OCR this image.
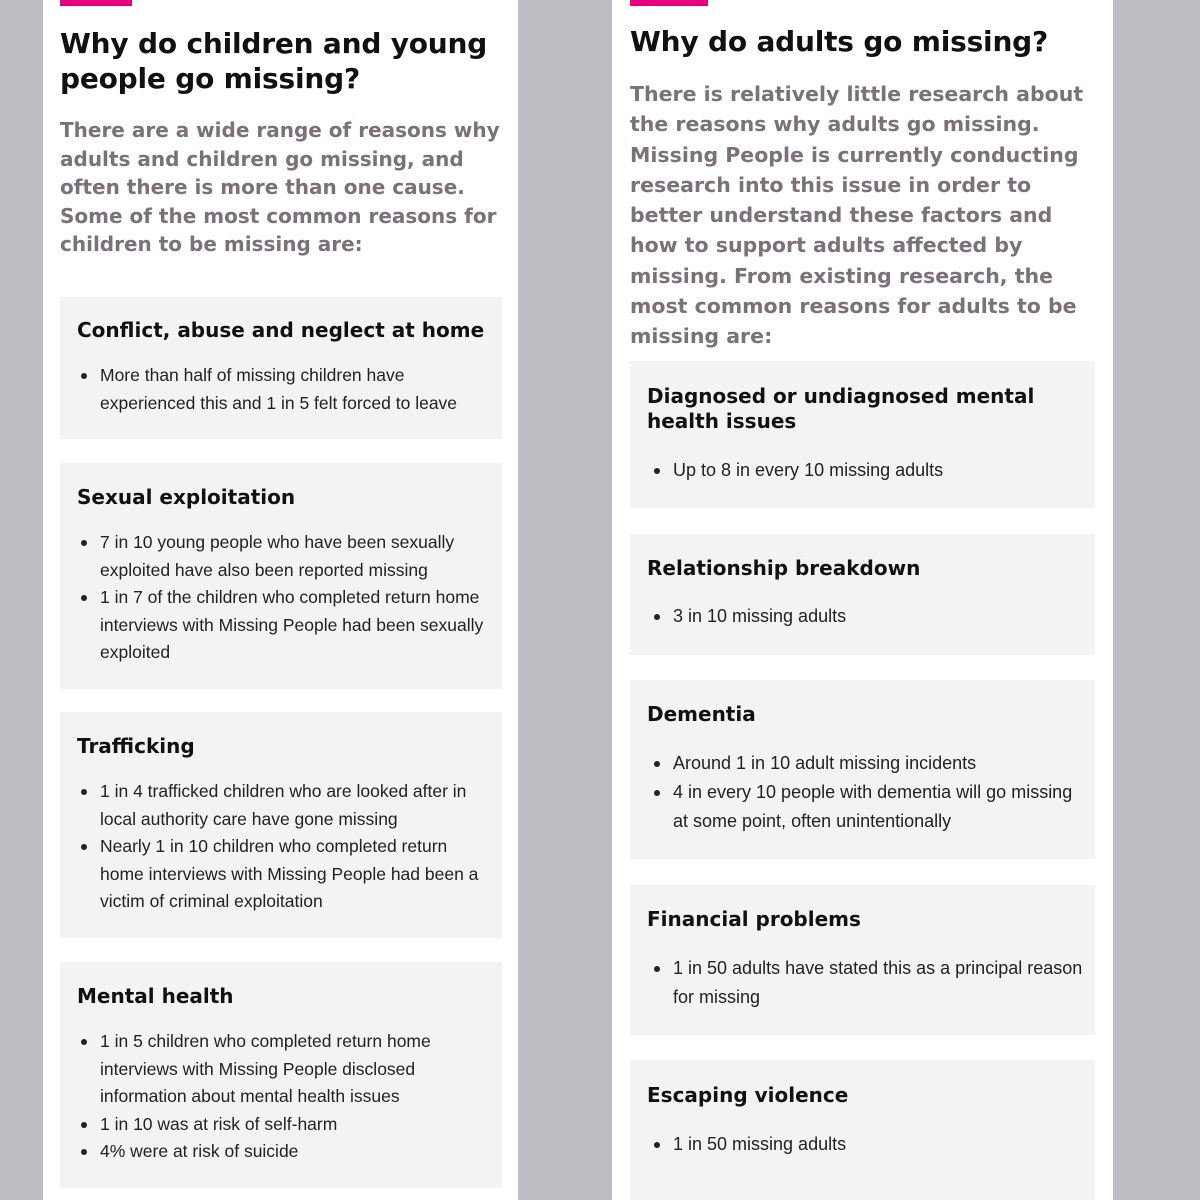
Why do children and young people go missing?

There are a wide range of reasons why adults and children go missing, and often there is more than one cause. Some of the most common reasons for children to be missing are:

Conflict, abuse and neglect at home
More than half of missing children have experienced this and 1 in 5 felt forced to leave
Sexual exploitation
7 in 10 young people who have been sexually exploited have also been reported missing
1 in 7 of the children who completed return home interviews with Missing People had been sexually exploited
Trafficking
1 in 4 trafficked children who are looked after in local authority care have gone missing
Nearly 1 in 10 children who completed return home interviews with Missing People had been a victim of criminal exploitation
Mental health
1 in 5 children who completed return home interviews with Missing People disclosed information about mental health issues
1 in 10 was at risk of self-harm
4% were at risk of suicide
Why do adults go missing?

There is relatively little research about the reasons why adults go missing. Missing People is currently conducting research into this issue in order to better understand these factors and how to support adults affected by missing. From existing research, the most common reasons for adults to be missing are:

Diagnosed or undiagnosed mental health issues
Up to 8 in every 10 missing adults
Relationship breakdown
3 in 10 missing adults
Dementia
Around 1 in 10 adult missing incidents
4 in every 10 people with dementia will go missing at some point, often unintentionally
Financial problems
1 in 50 adults have stated this as a principal reason for missing
Escaping violence
1 in 50 missing adults
